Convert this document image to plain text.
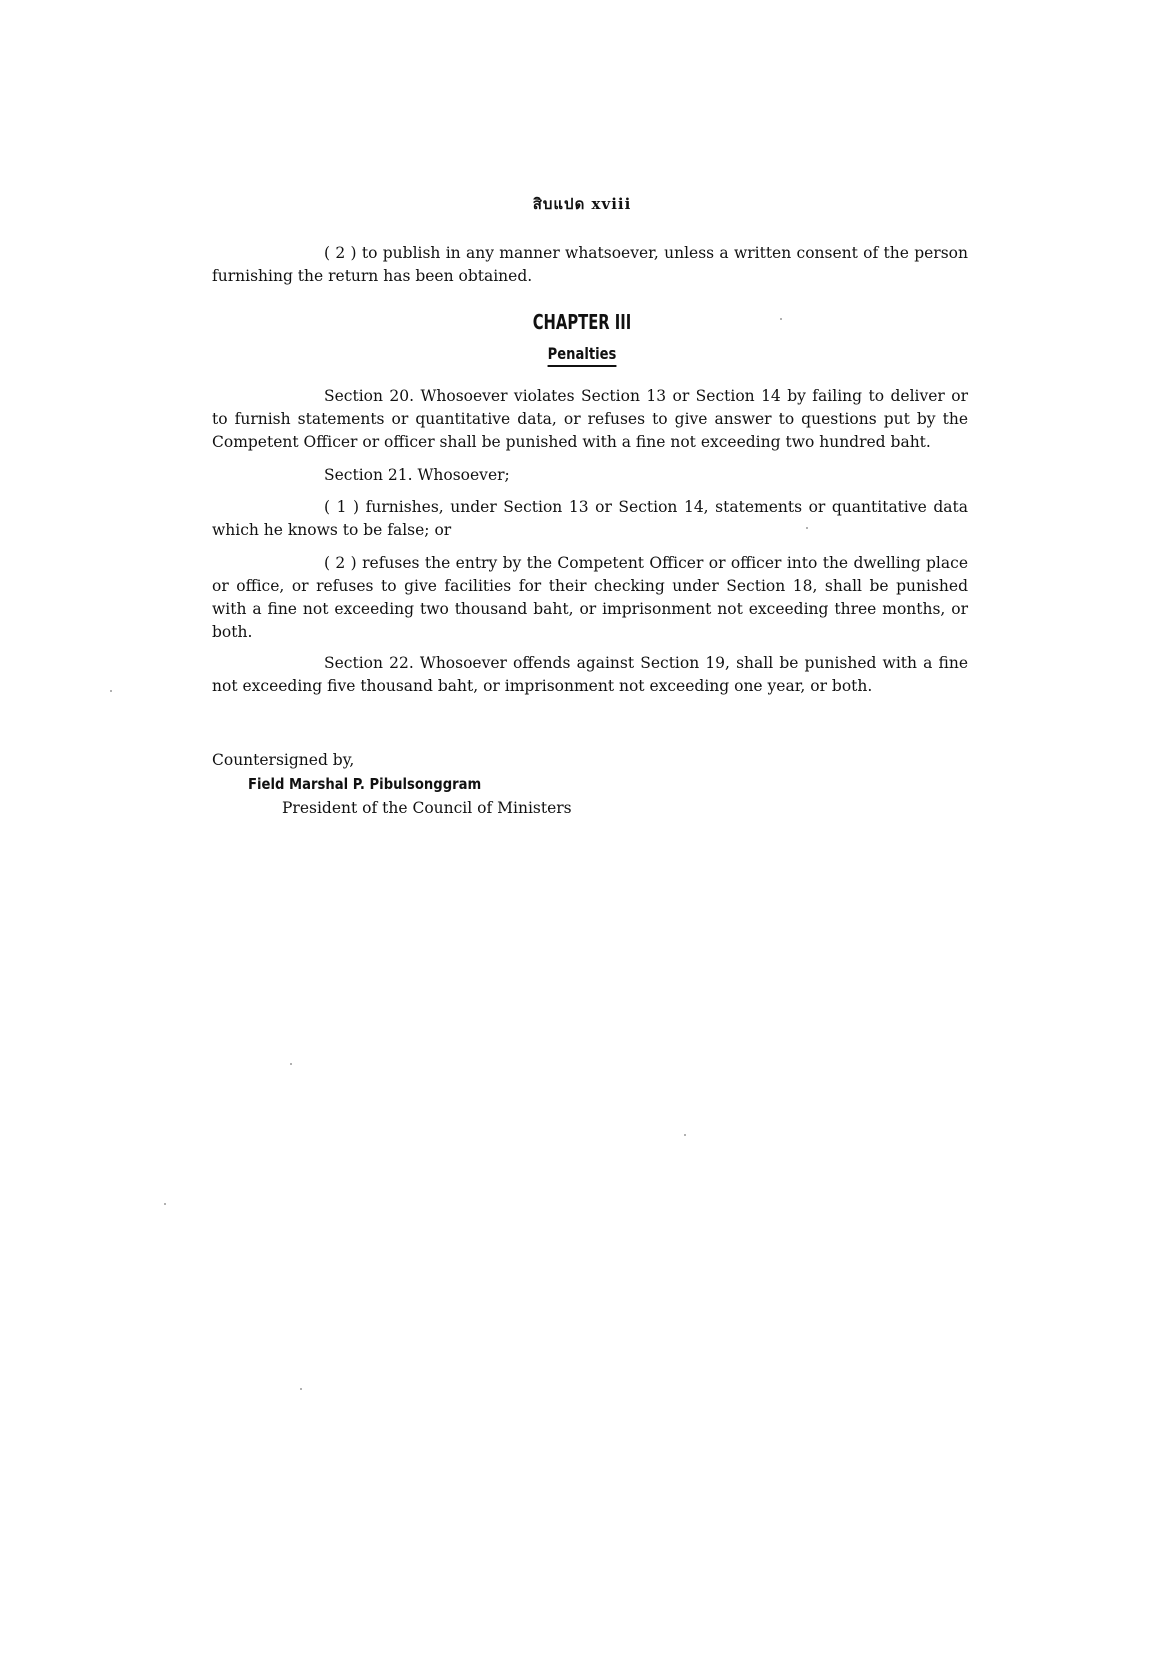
สิบแปด xviii

( 2 ) to publish in any manner whatsoever, unless a written consent of the person furnishing the return has been obtained.

CHAPTER III
Penalties

Section 20. Whosoever violates Section 13 or Section 14 by failing to deliver or to furnish statements or quantitative data, or refuses to give answer to questions put by the Competent Officer or officer shall be punished with a fine not exceeding two hundred baht.

Section 21. Whosoever;

( 1 ) furnishes, under Section 13 or Section 14, statements or quantitative data which he knows to be false; or

( 2 ) refuses the entry by the Competent Officer or officer into the dwelling place or office, or refuses to give facilities for their checking under Section 18, shall be punished with a fine not exceeding two thousand baht, or imprisonment not exceeding three months, or both.

Section 22. Whosoever offends against Section 19, shall be punished with a fine not exceeding five thousand baht, or imprisonment not exceeding one year, or both.

Countersigned by,
Field Marshal P. Pibulsonggram
President of the Council of Ministers
